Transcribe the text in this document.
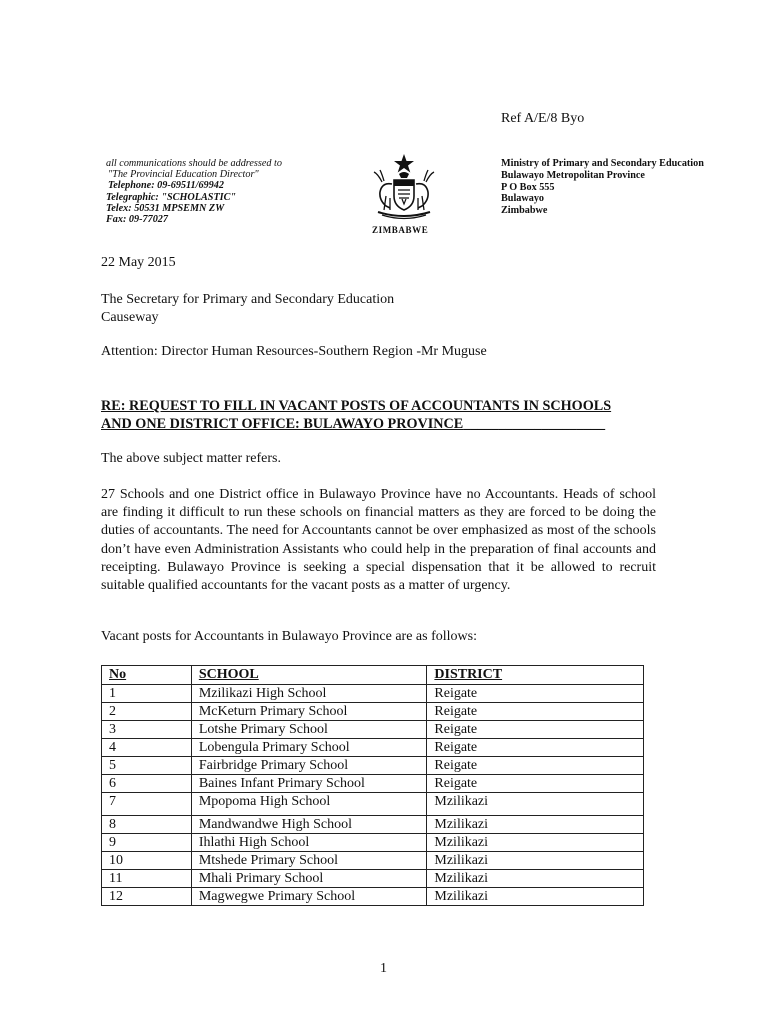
Ref A/E/8 Byo
all communications should be addressed to
"The Provincial Education Director"
Telephone: 09-69511/69942
Telegraphic: "SCHOLASTIC"
Telex: 50531 MPSEMN ZW
Fax: 09-77027
ZIMBABWE
Ministry of Primary and Secondary Education
Bulawayo Metropolitan Province
P O Box 555
Bulawayo
Zimbabwe
22 May 2015
The Secretary for Primary and Secondary Education
Causeway
Attention: Director Human Resources-Southern Region -Mr Muguse
RE: REQUEST TO FILL IN VACANT POSTS OF ACCOUNTANTS IN SCHOOLS
AND ONE DISTRICT OFFICE: BULAWAYO PROVINCE____________________
The above subject matter refers.

27 Schools and one District office in Bulawayo Province have no Accountants. Heads of school are finding it difficult to run these schools on financial matters as they are forced to be doing the duties of accountants. The need for Accountants cannot be over emphasized as most of the schools don’t have even Administration Assistants who could help in the preparation of final accounts and receipting. Bulawayo Province is seeking a special dispensation that it be allowed to recruit suitable qualified accountants for the vacant posts as a matter of urgency.

Vacant posts for Accountants in Bulawayo Province are as follows:
No	SCHOOL	DISTRICT
1	Mzilikazi High School	Reigate
2	McKeturn Primary School	Reigate
3	Lotshe Primary School	Reigate
4	Lobengula Primary School	Reigate
5	Fairbridge Primary School	Reigate
6	Baines Infant Primary School	Reigate
7	Mpopoma High School	Mzilikazi
8	Mandwandwe High School	Mzilikazi
9	Ihlathi High School	Mzilikazi
10	Mtshede Primary School	Mzilikazi
11	Mhali Primary School	Mzilikazi
12	Magwegwe Primary School	Mzilikazi
1
